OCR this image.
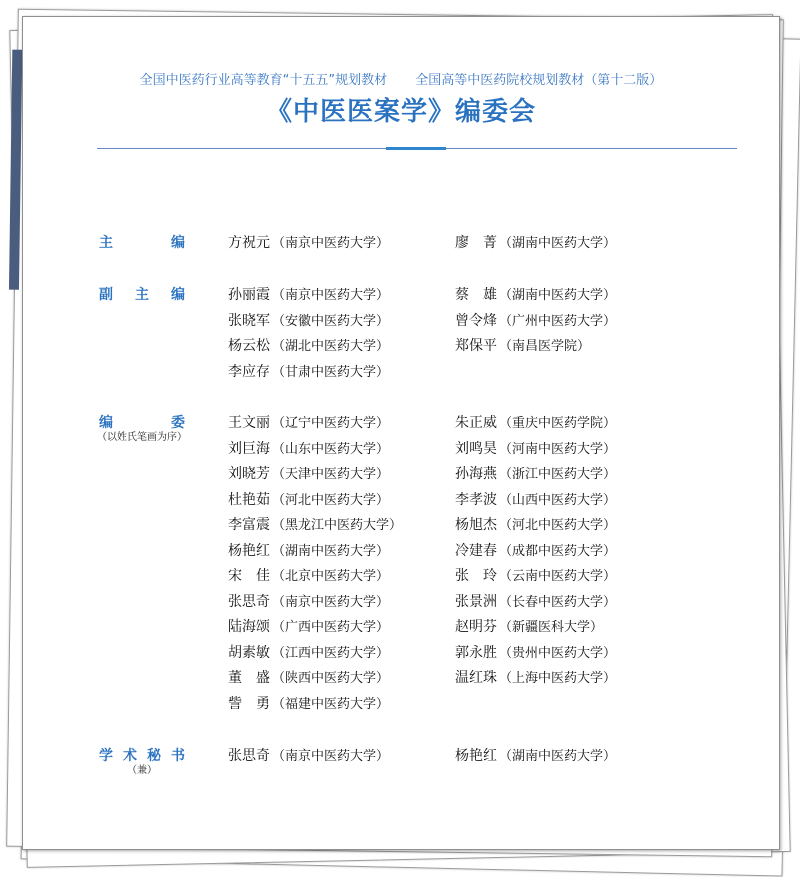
全国中医药行业高等教育“十五五”规划教材 全国高等中医药院校规划教材（第十二版）
《中医医案学》编委会
主	编	方祝元 （南京中医药大学）	廖　菁 （湖南中医药大学）
副 主 编	孙丽霞 （南京中医药大学）	蔡　雄 （湖南中医药大学）
张晓军 （安徽中医药大学）	曾令烽 （广州中医药大学）
杨云松 （湖北中医药大学）	郑保平 （南昌医学院）
李应存 （甘肃中医药大学）
编	委
（以姓氏笔画为序）
王文丽 （辽宁中医药大学）	朱正威 （重庆中医药学院）
刘巨海 （山东中医药大学）	刘鸣昊 （河南中医药大学）
刘晓芳 （天津中医药大学）	孙海燕 （浙江中医药大学）
杜艳茹 （河北中医药大学）	李孝波 （山西中医药大学）
李富震 （黑龙江中医药大学）	杨旭杰 （河北中医药大学）
杨艳红 （湖南中医药大学）	冷建春 （成都中医药大学）
宋　佳 （北京中医药大学）	张　玲 （云南中医药大学）
张思奇 （南京中医药大学）	张景洲 （长春中医药大学）
陆海颂 （广西中医药大学）	赵明芬 （新疆医科大学）
胡素敏 （江西中医药大学）	郭永胜 （贵州中医药大学）
董　盛 （陕西中医药大学）	温红珠 （上海中医药大学）
訾　勇 （福建中医药大学）
学 术 秘 书
（兼）
张思奇 （南京中医药大学）	杨艳红 （湖南中医药大学）
